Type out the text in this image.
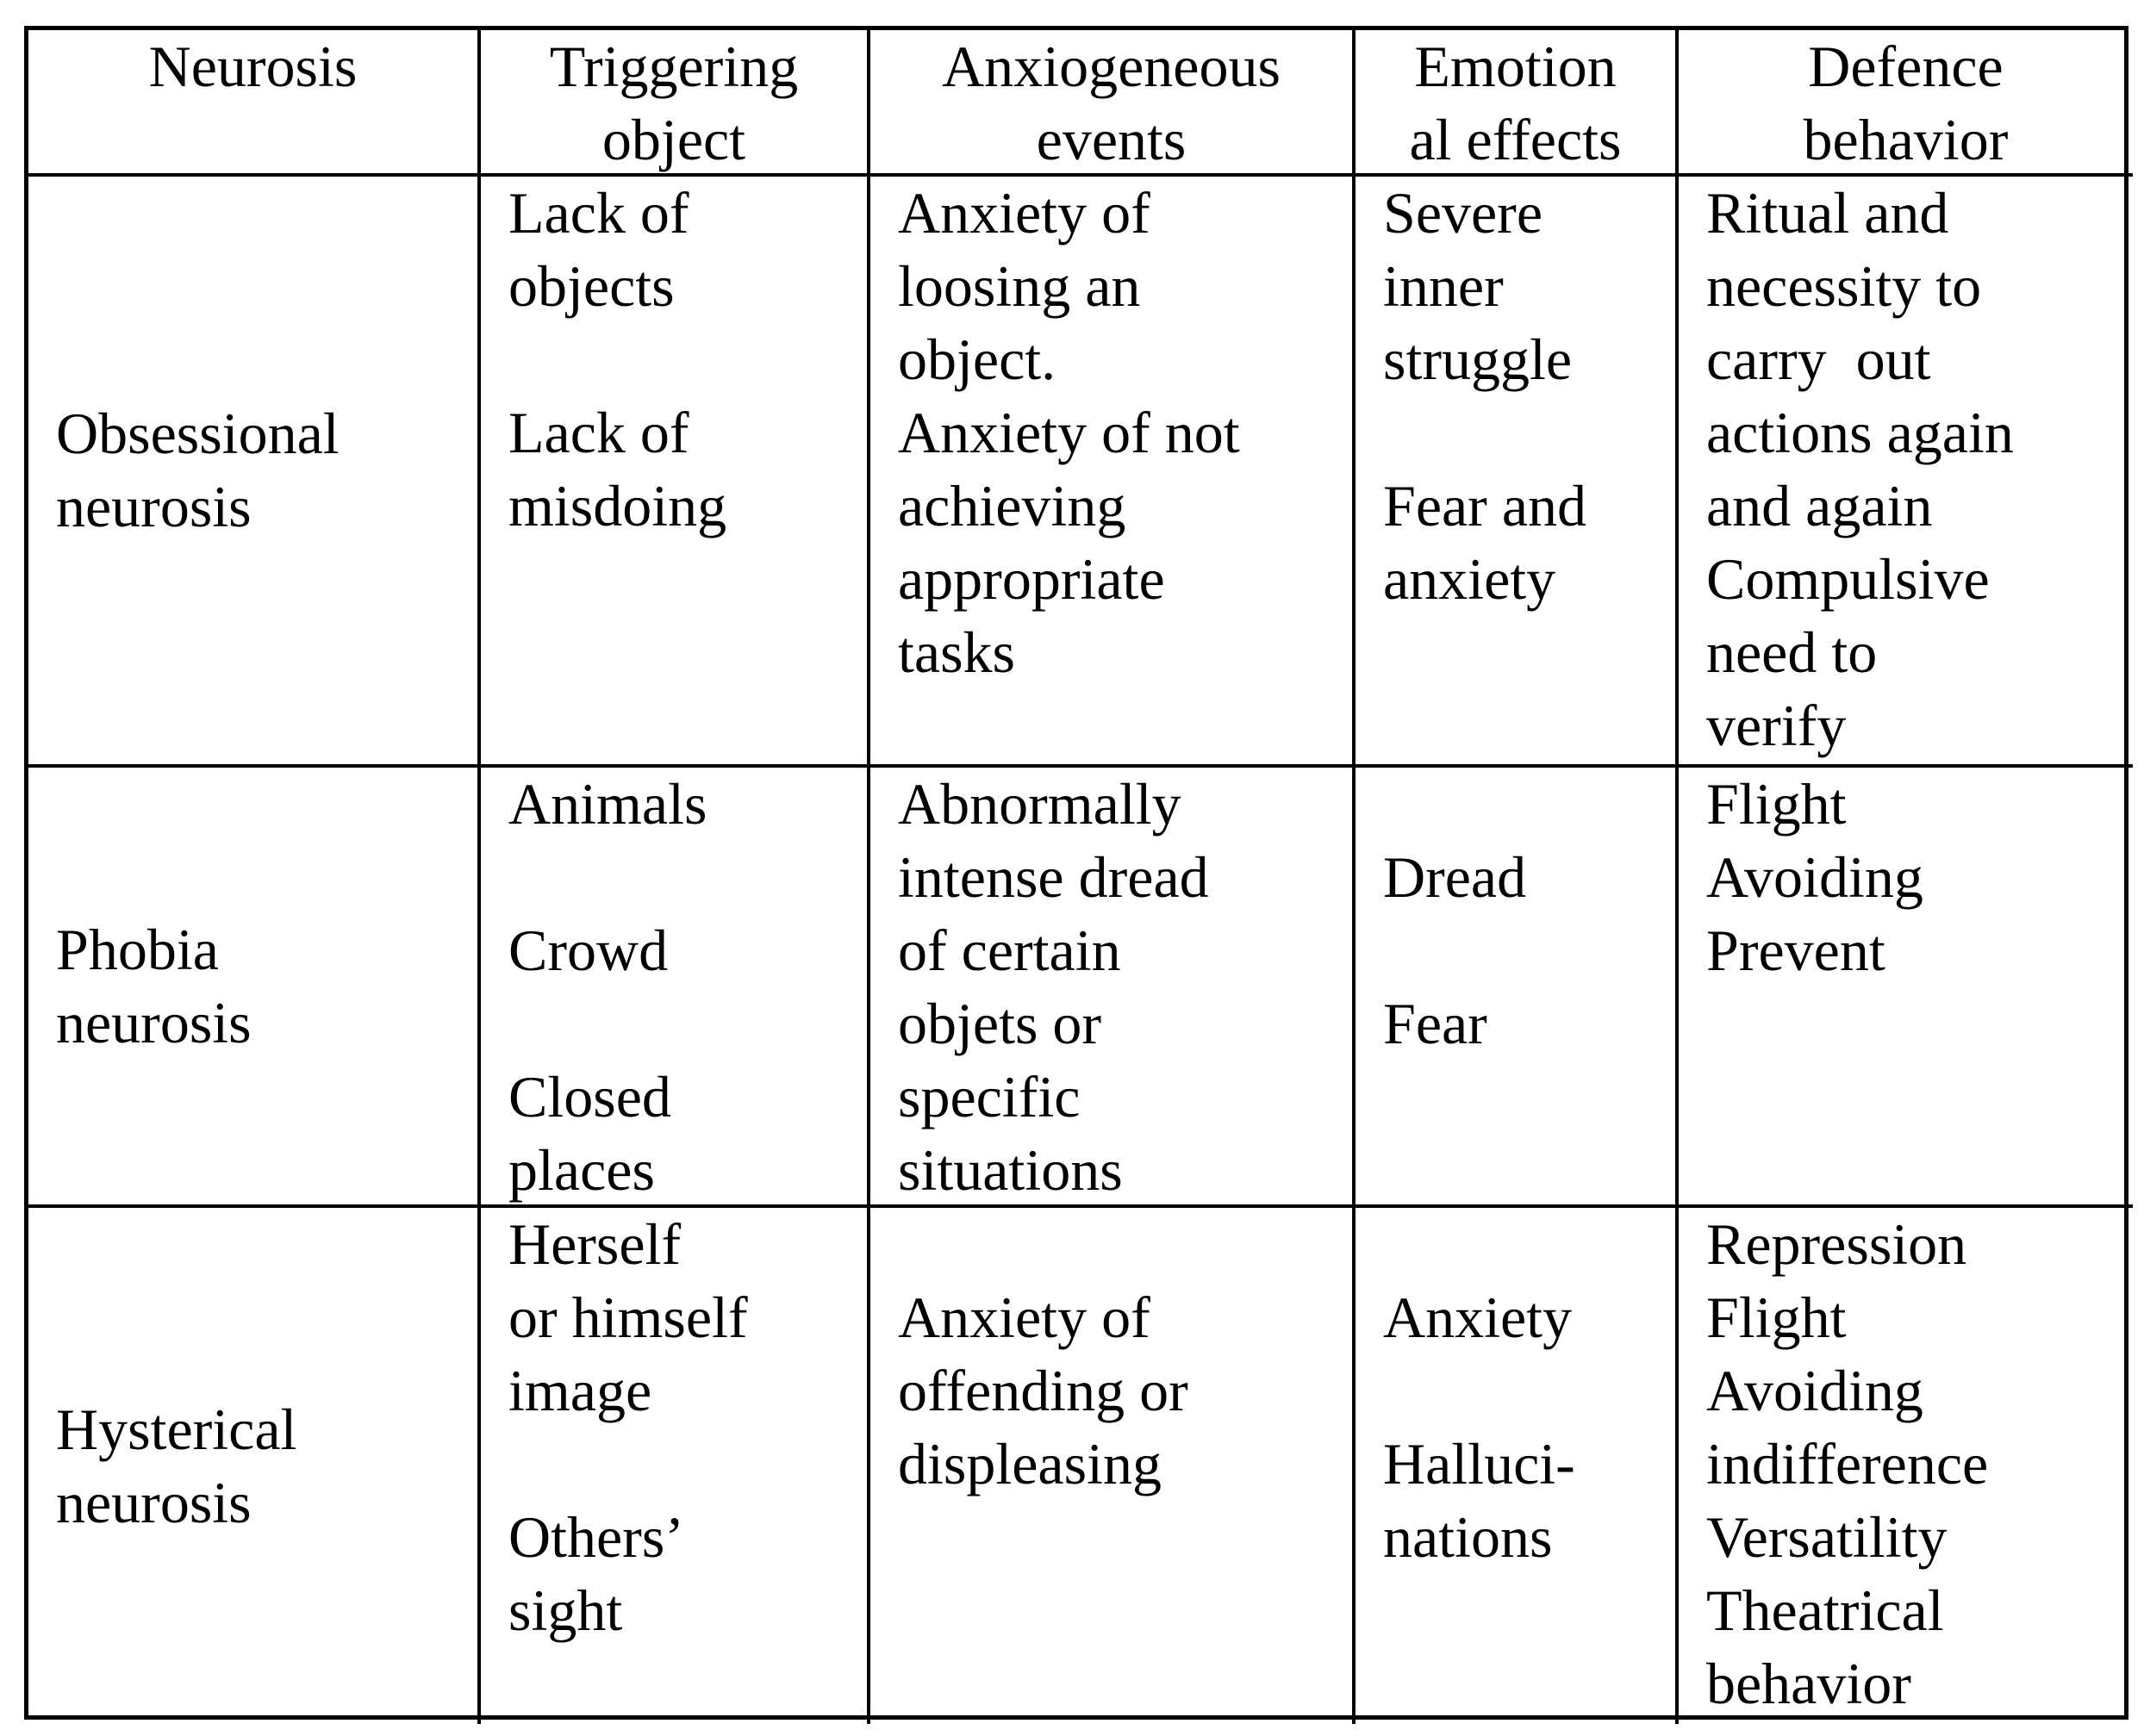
Neurosis	Triggering
object
Anxiogeneous
events
Emotion
al effects
Defence
behavior
Obsessional
neurosis
Lack of
objects
Lack of
misdoing
Anxiety of
loosing an
object.
Anxiety of not
achieving
appropriate
tasks
Severe
inner
struggle
Fear and
anxiety
Ritual and
necessity to
carry  out
actions again
and again
Compulsive
need to
verify
Phobia
neurosis
Animals
Crowd
Closed
places
Abnormally
intense dread
of certain
objets or
specific
situations
Dread
Fear
Flight
Avoiding
Prevent
Hysterical
neurosis
Herself
or himself
image
Others’
sight
Anxiety of
offending or
displeasing
Anxiety
Halluci-
nations
Repression
Flight
Avoiding
indifference
Versatility
Theatrical
behavior
